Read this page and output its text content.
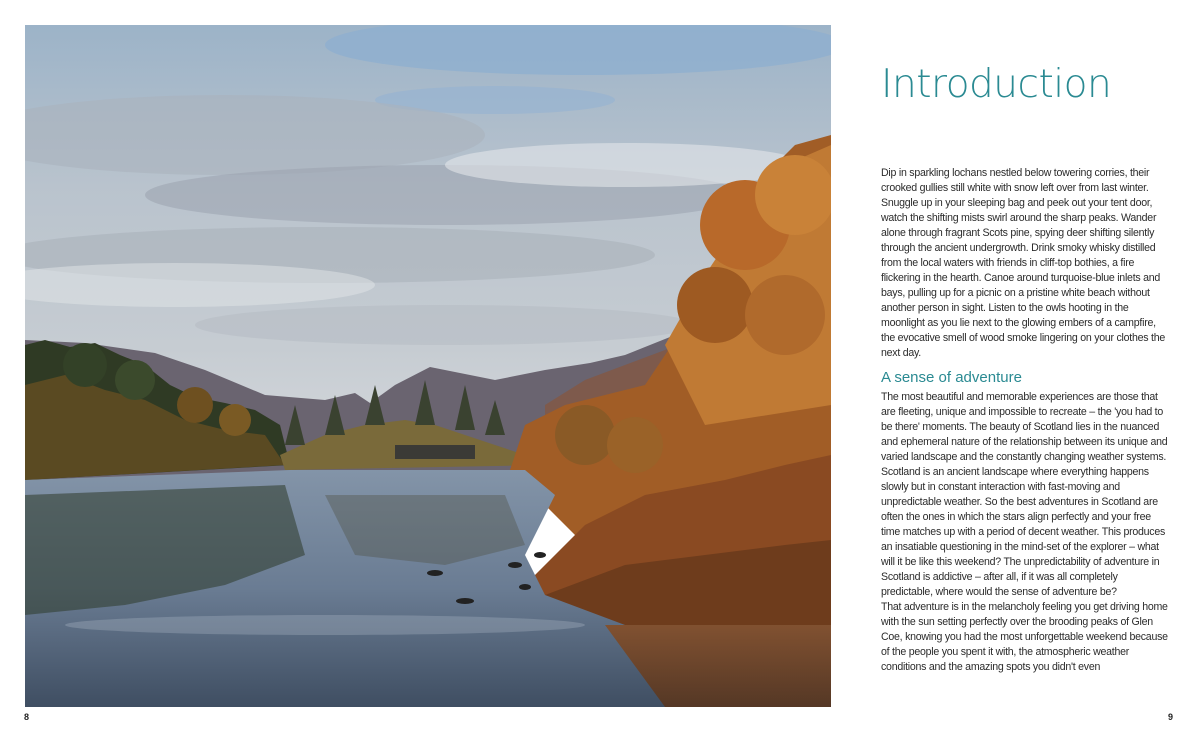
8	9
Introduction

Dip in sparkling lochans nestled below towering corries, their crooked gullies still white with snow left over from last winter. Snuggle up in your sleeping bag and peek out your tent door, watch the shifting mists swirl around the sharp peaks. Wander alone through fragrant Scots pine, spying deer shifting silently through the ancient undergrowth. Drink smoky whisky distilled from the local waters with friends in cliff-top bothies, a fire flickering in the hearth. Canoe around turquoise-blue inlets and bays, pulling up for a picnic on a pristine white beach without another person in sight. Listen to the owls hooting in the moonlight as you lie next to the glowing embers of a campfire, the evocative smell of wood smoke lingering on your clothes the next day.

A sense of adventure

The most beautiful and memorable experiences are those that are fleeting, unique and impossible to recreate – the 'you had to be there' moments. The beauty of Scotland lies in the nuanced and ephemeral nature of the relationship between its unique and varied landscape and the constantly changing weather systems. Scotland is an ancient landscape where everything happens slowly but in constant interaction with fast-moving and unpredictable weather. So the best adventures in Scotland are often the ones in which the stars align perfectly and your free time matches up with a period of decent weather. This produces an insatiable questioning in the mind-set of the explorer – what will it be like this weekend? The unpredictability of adventure in Scotland is addictive – after all, if it was all completely predictable, where would the sense of adventure be?

That adventure is in the melancholy feeling you get driving home with the sun setting perfectly over the brooding peaks of Glen Coe, knowing you had the most unforgettable weekend because of the people you spent it with, the atmospheric weather conditions and the amazing spots you didn't even
